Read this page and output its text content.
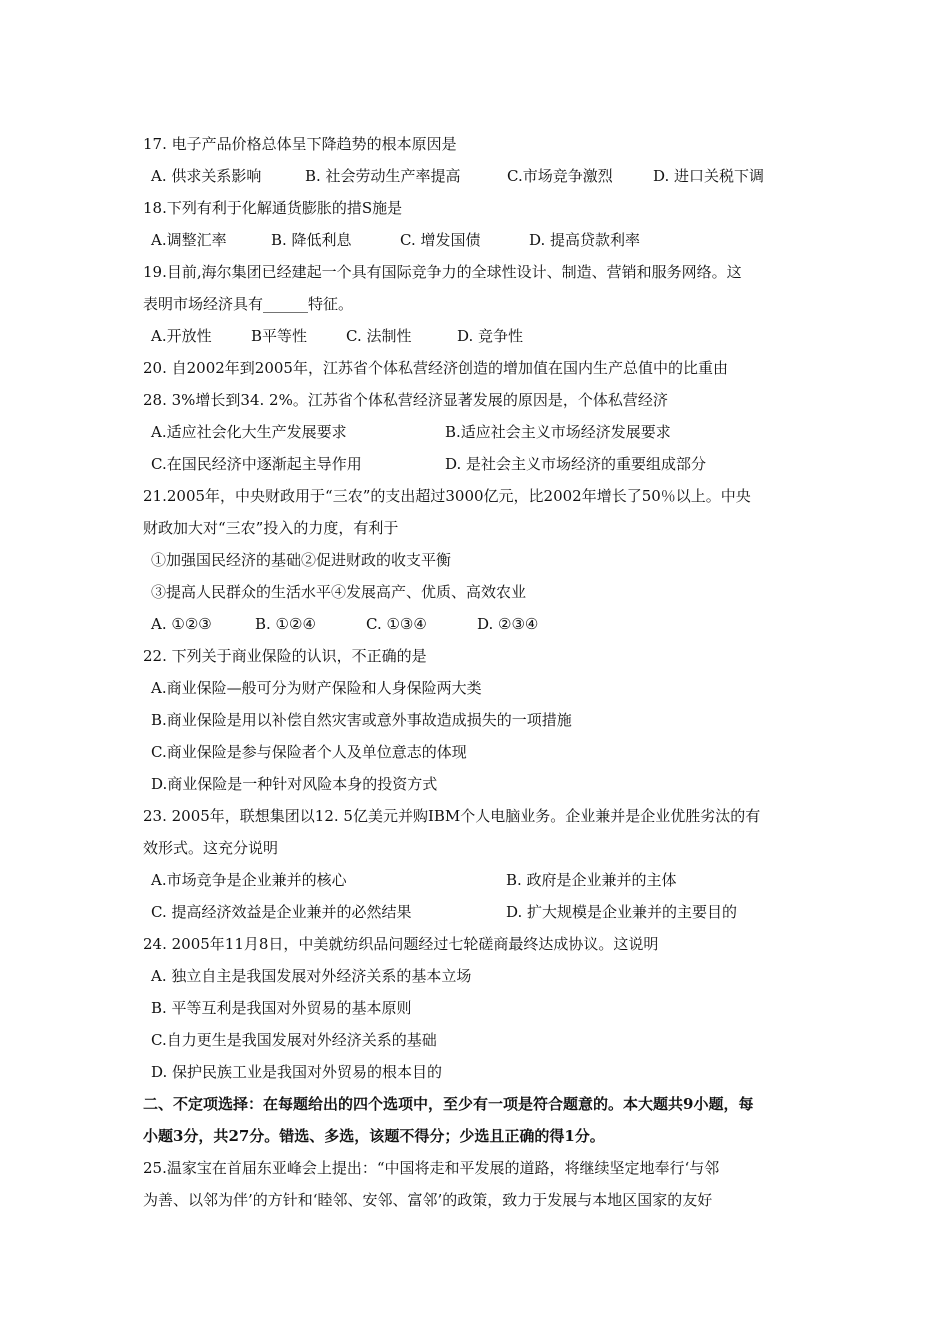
17. 电子产品价格总体呈下降趋势的根本原因是
A. 供求关系影响	B. 社会劳动生产率提高	C.市场竞争激烈	D. 进口关税下调
18.下列有利于化解通货膨胀的措S施是
A.调整汇率	B. 降低利息	C. 增发国债	D. 提高贷款利率
19.目前,海尔集团已经建起一个具有国际竞争力的全球性设计、制造、营销和服务网络。这
表明市场经济具有______特征。
A.开放性	B平等性	C. 法制性	D. 竞争性
20. 自2002年到2005年，江苏省个体私营经济创造的增加值在国内生产总值中的比重由
28. 3%增长到34. 2%。江苏省个体私营经济显著发展的原因是，个体私营经济
A.适应社会化大生产发展要求	B.适应社会主义市场经济发展要求
C.在国民经济中逐渐起主导作用	D. 是社会主义市场经济的重要组成部分
21.2005年，中央财政用于“三农”的支出超过3000亿元，比2002年增长了50％以上。中央
财政加大对“三农”投入的力度，有利于
①加强国民经济的基础②促进财政的收支平衡
③提高人民群众的生活水平④发展高产、优质、高效农业
A. ①②③	B. ①②④	C. ①③④	D. ②③④
22. 下列关于商业保险的认识，不正确的是
A.商业保险—般可分为财产保险和人身保险两大类
B.商业保险是用以补偿自然灾害或意外事故造成损失的一项措施
C.商业保险是参与保险者个人及单位意志的体现
D.商业保险是一种针对风险本身的投资方式
23. 2005年，联想集团以12. 5亿美元并购IBM个人电脑业务。企业兼并是企业优胜劣汰的有
效形式。这充分说明
A.市场竞争是企业兼并的核心	B. 政府是企业兼并的主体
C. 提高经济效益是企业兼并的必然结果	D. 扩大规模是企业兼并的主要目的
24. 2005年11月8日，中美就纺织品问题经过七轮磋商最终达成协议。这说明
A. 独立自主是我国发展对外经济关系的基本立场
B. 平等互利是我国对外贸易的基本原则
C.自力更生是我国发展对外经济关系的基础
D. 保护民族工业是我国对外贸易的根本目的
二、不定项选择：在每题给出的四个选项中，至少有一项是符合题意的。本大题共9小题，每
小题3分，共27分。错选、多选，该题不得分；少选且正确的得1分。
25.温家宝在首届东亚峰会上提出：“中国将走和平发展的道路，将继续坚定地奉行‘与邻
为善、以邻为伴’的方针和‘睦邻、安邻、富邻’的政策，致力于发展与本地区国家的友好
